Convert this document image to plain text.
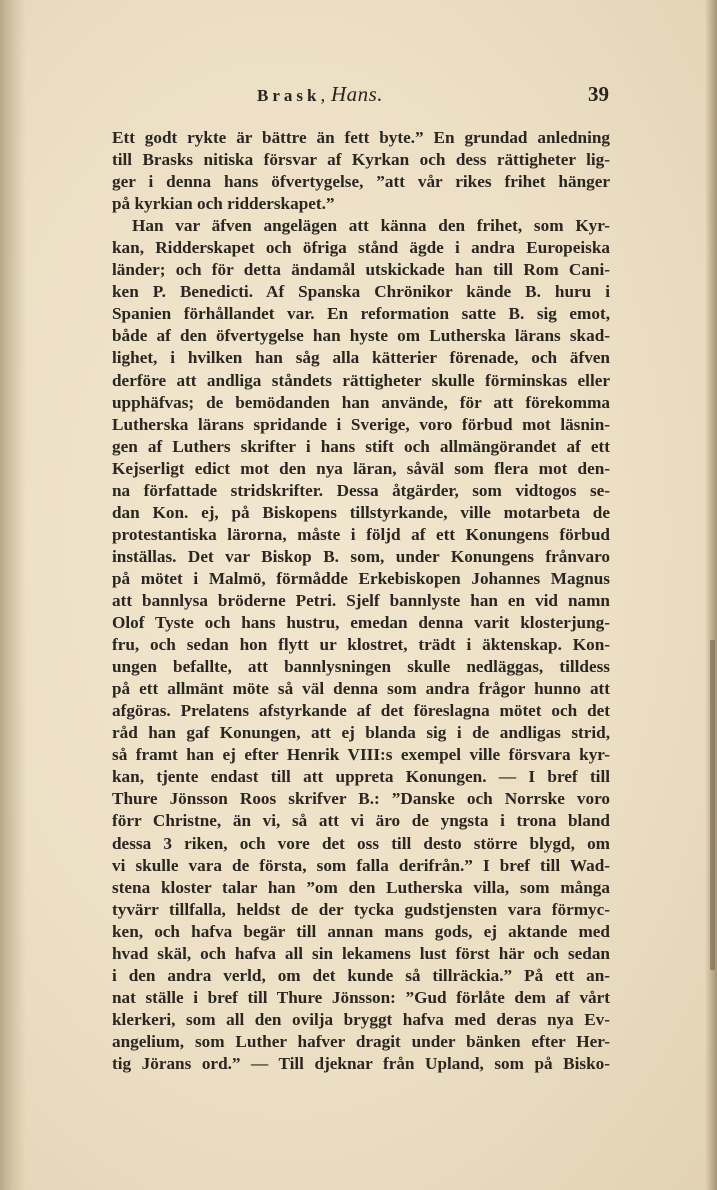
Brask, Hans.	39
Ett godt rykte är bättre än fett byte.” En grundad anledning
till Brasks nitiska försvar af Kyrkan och dess rättigheter lig-
ger i denna hans öfvertygelse, ”att vår rikes frihet hänger
på kyrkian och ridderskapet.”
Han var äfven angelägen att känna den frihet, som Kyr-
kan, Ridderskapet och öfriga stånd ägde i andra Europeiska
länder; och för detta ändamål utskickade han till Rom Cani-
ken P. Benedicti. Af Spanska Chrönikor kände B. huru i
Spanien förhållandet var. En reformation satte B. sig emot,
både af den öfvertygelse han hyste om Lutherska lärans skad-
lighet, i hvilken han såg alla kätterier förenade, och äfven
derföre att andliga ståndets rättigheter skulle förminskas eller
upphäfvas; de bemödanden han använde, för att förekomma
Lutherska lärans spridande i Sverige, voro förbud mot läsnin-
gen af Luthers skrifter i hans stift och allmängörandet af ett
Kejserligt edict mot den nya läran, såväl som flera mot den-
na författade stridskrifter. Dessa åtgärder, som vidtogos se-
dan Kon. ej, på Biskopens tillstyrkande, ville motarbeta de
protestantiska lärorna, måste i följd af ett Konungens förbud
inställas. Det var Biskop B. som, under Konungens frånvaro
på mötet i Malmö, förmådde Erkebiskopen Johannes Magnus
att bannlysa bröderne Petri. Sjelf bannlyste han en vid namn
Olof Tyste och hans hustru, emedan denna varit klosterjung-
fru, och sedan hon flytt ur klostret, trädt i äktenskap. Kon-
ungen befallte, att bannlysningen skulle nedläggas, tilldess
på ett allmänt möte så väl denna som andra frågor hunno att
afgöras. Prelatens afstyrkande af det föreslagna mötet och det
råd han gaf Konungen, att ej blanda sig i de andligas strid,
så framt han ej efter Henrik VIII:s exempel ville försvara kyr-
kan, tjente endast till att uppreta Konungen. — I bref till
Thure Jönsson Roos skrifver B.: ”Danske och Norrske voro
förr Christne, än vi, så att vi äro de yngsta i trona bland
dessa 3 riken, och vore det oss till desto större blygd, om
vi skulle vara de första, som falla derifrån.” I bref till Wad-
stena kloster talar han ”om den Lutherska villa, som många
tyvärr tillfalla, heldst de der tycka gudstjensten vara förmyc-
ken, och hafva begär till annan mans gods, ej aktande med
hvad skäl, och hafva all sin lekamens lust först här och sedan
i den andra verld, om det kunde så tillräckia.” På ett an-
nat ställe i bref till Thure Jönsson: ”Gud förlåte dem af vårt
klerkeri, som all den ovilja bryggt hafva med deras nya Ev-
angelium, som Luther hafver dragit under bänken efter Her-
tig Jörans ord.” — Till djeknar från Upland, som på Bisko-
